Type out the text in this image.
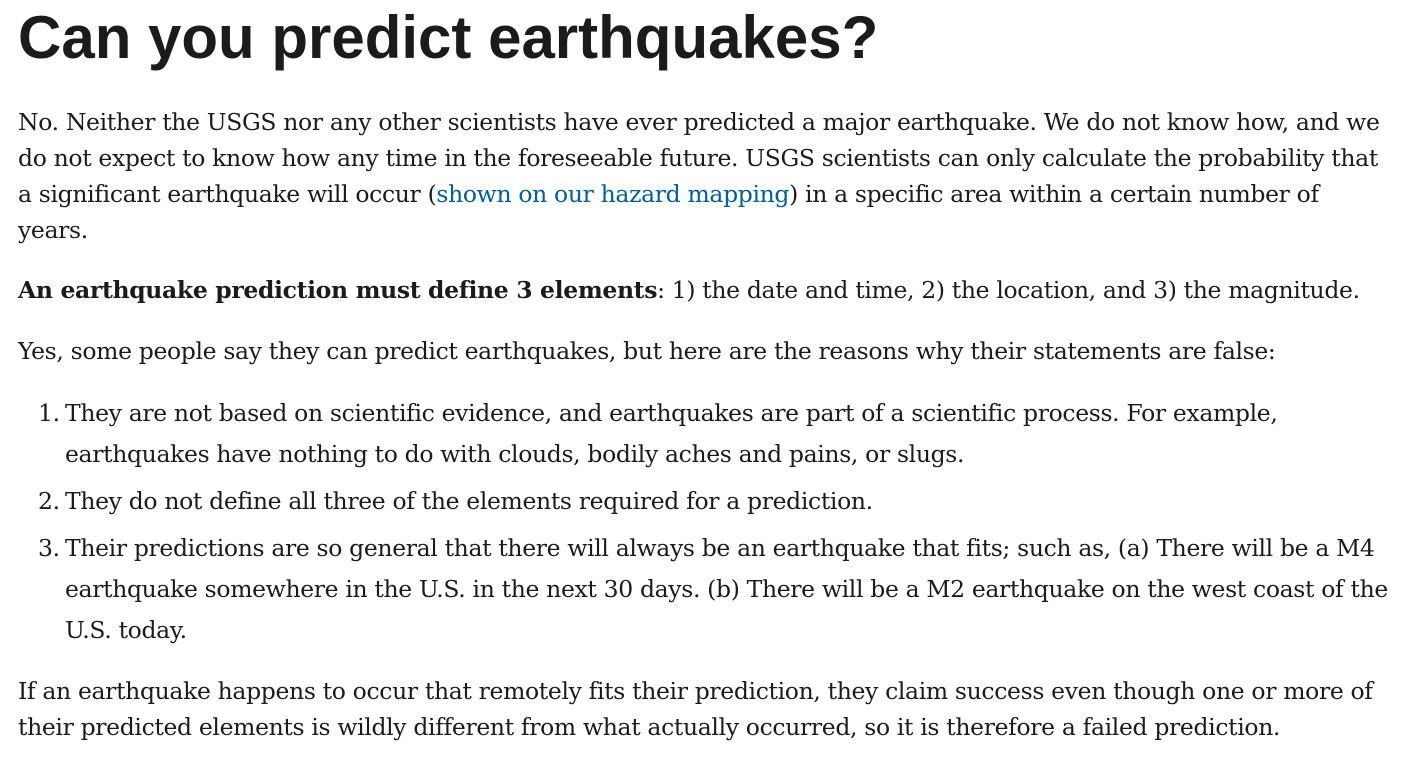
Can you predict earthquakes?

No. Neither the USGS nor any other scientists have ever predicted a major earthquake. We do not know how, and we do not expect to know how any time in the foreseeable future. USGS scientists can only calculate the probability that a significant earthquake will occur (shown on our hazard mapping) in a specific area within a certain number of years.

An earthquake prediction must define 3 elements: 1) the date and time, 2) the location, and 3) the magnitude.

Yes, some people say they can predict earthquakes, but here are the reasons why their statements are false:

1. They are not based on scientific evidence, and earthquakes are part of a scientific process. For example, earthquakes have nothing to do with clouds, bodily aches and pains, or slugs.
2. They do not define all three of the elements required for a prediction.
3. Their predictions are so general that there will always be an earthquake that fits; such as, (a) There will be a M4 earthquake somewhere in the U.S. in the next 30 days. (b) There will be a M2 earthquake on the west coast of the U.S. today.

If an earthquake happens to occur that remotely fits their prediction, they claim success even though one or more of their predicted elements is wildly different from what actually occurred, so it is therefore a failed prediction.
